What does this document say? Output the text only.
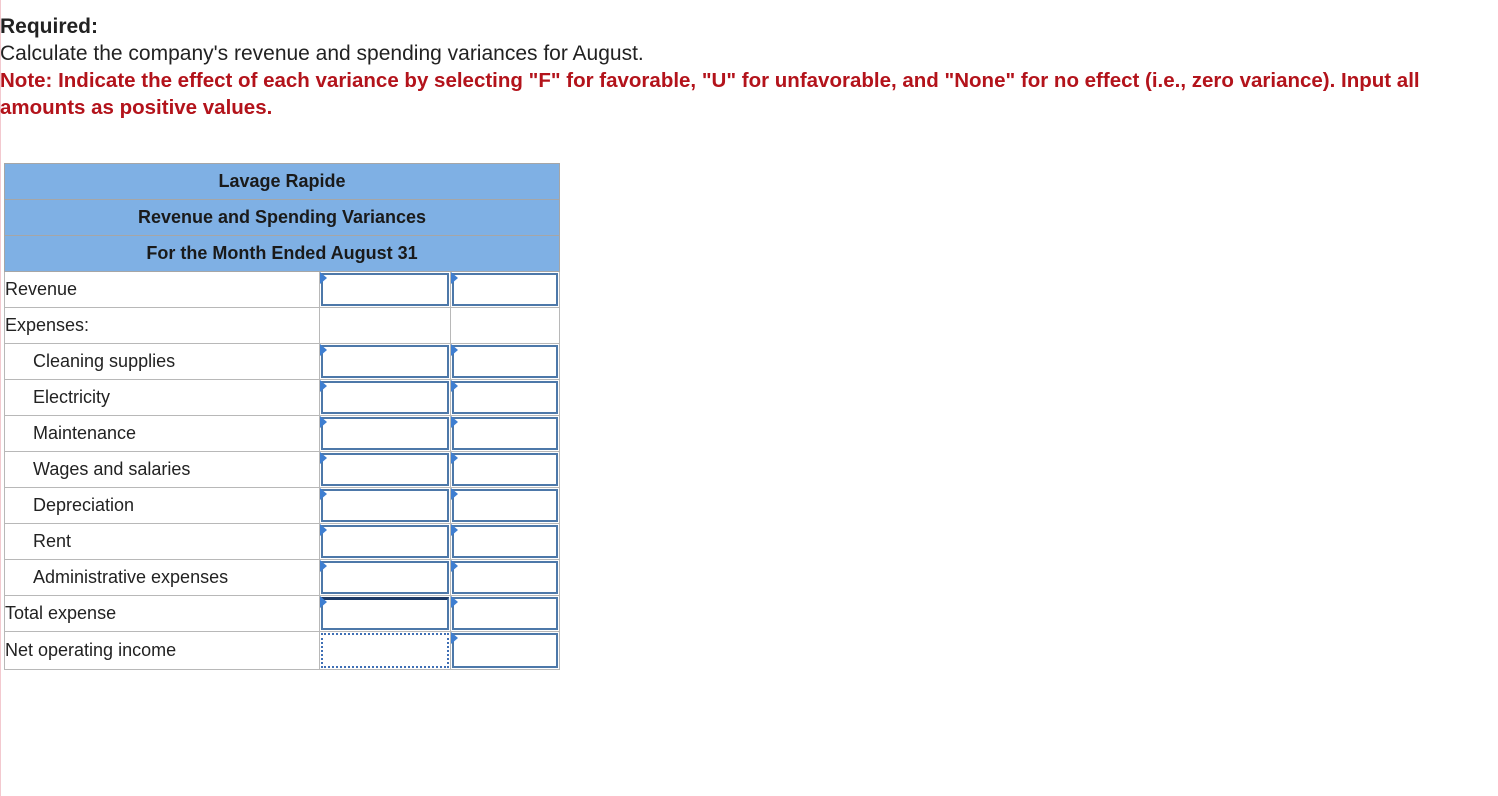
Required:
Calculate the company's revenue and spending variances for August.
Note: Indicate the effect of each variance by selecting "F" for favorable, "U" for unfavorable, and "None" for no effect (i.e., zero variance). Input all amounts as positive values.
Lavage Rapide		
Revenue and Spending Variances		
For the Month Ended August 31		
Revenue	

Expenses:		
Cleaning supplies	

Electricity	

Maintenance	

Wages and salaries	

Depreciation	

Rent	

Administrative expenses	

Total expense	

Net operating income	
